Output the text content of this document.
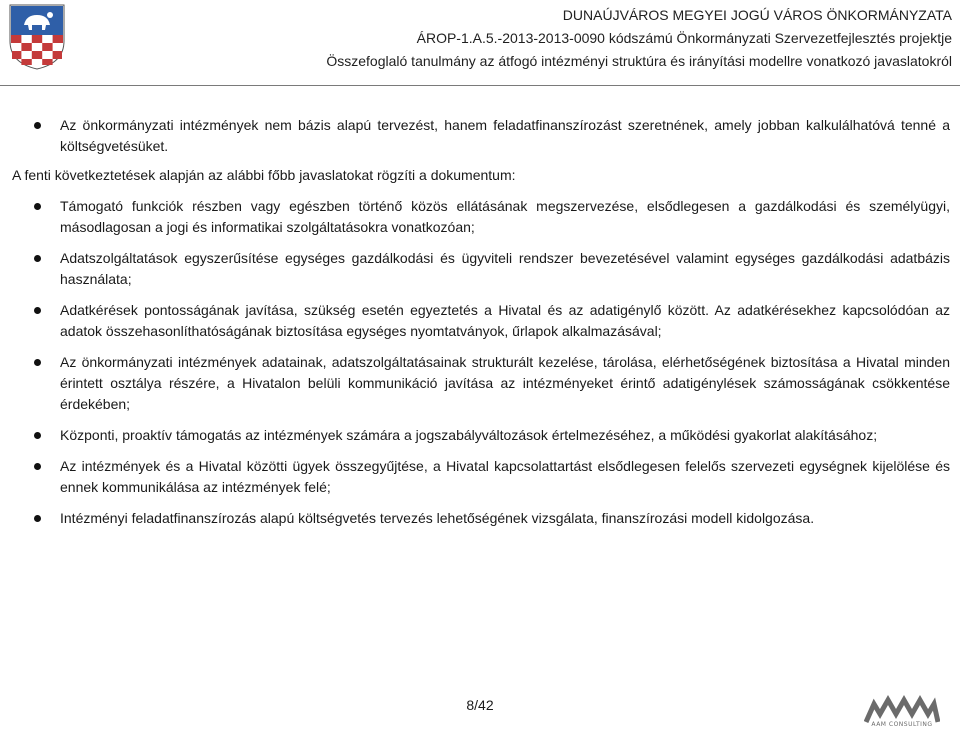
DUNAÚJVÁROS MEGYEI JOGÚ VÁROS ÖNKORMÁNYZATA
ÁROP-1.A.5.-2013-2013-0090 kódszámú Önkormányzati Szervezetfejlesztés projektje
Összefoglaló tanulmány az átfogó intézményi struktúra és irányítási modellre vonatkozó javaslatokról
Az önkormányzati intézmények nem bázis alapú tervezést, hanem feladatfinanszírozást szeretnének, amely jobban kalkulálhatóvá tenné a költségvetésüket.
A fenti következtetések alapján az alábbi főbb javaslatokat rögzíti a dokumentum:
Támogató funkciók részben vagy egészben történő közös ellátásának megszervezése, elsődlegesen a gazdálkodási és személyügyi, másodlagosan a jogi és informatikai szolgáltatásokra vonatkozóan;
Adatszolgáltatások egyszerűsítése egységes gazdálkodási és ügyviteli rendszer bevezetésével valamint egységes gazdálkodási adatbázis használata;
Adatkérések pontosságának javítása, szükség esetén egyeztetés a Hivatal és az adatigénylő között. Az adatkérésekhez kapcsolódóan az adatok összehasonlíthatóságának biztosítása egységes nyomtatványok, űrlapok alkalmazásával;
Az önkormányzati intézmények adatainak, adatszolgáltatásainak strukturált kezelése, tárolása, elérhetőségének biztosítása a Hivatal minden érintett osztálya részére, a Hivatalon belüli kommunikáció javítása az intézményeket érintő adatigénylések számosságának csökkentése érdekében;
Központi, proaktív támogatás az intézmények számára a jogszabályváltozások értelmezéséhez, a működési gyakorlat alakításához;
Az intézmények és a Hivatal közötti ügyek összegyűjtése, a Hivatal kapcsolattartást elsődlegesen felelős szervezeti egységnek kijelölése és ennek kommunikálása az intézmények felé;
Intézményi feladatfinanszírozás alapú költségvetés tervezés lehetőségének vizsgálata, finanszírozási modell kidolgozása.
8/42
AAM CONSULTING
